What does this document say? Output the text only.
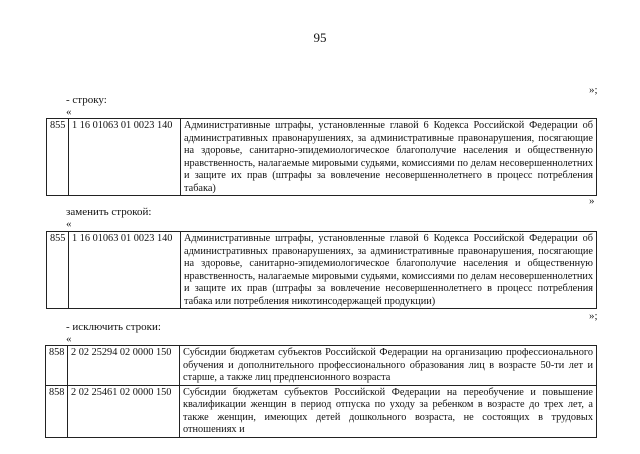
95
»;
- строку:
«
855	1 16 01063 01 0023 140	Административные штрафы, установленные главой 6 Кодекса Российской Федерации об административных правонарушениях, за административные правонарушения, посягающие на здоровье, санитарно-эпидемиологическое благополучие населения и общественную нравственность, налагаемые мировыми судьями, комиссиями по делам несовершеннолетних и защите их прав (штрафы за вовлечение несовершеннолетнего в процесс потребления табака)
»
заменить строкой:
«
855	1 16 01063 01 0023 140	Административные штрафы, установленные главой 6 Кодекса Российской Федерации об административных правонарушениях, за административные правонарушения, посягающие на здоровье, санитарно-эпидемиологическое благополучие населения и общественную нравственность, налагаемые мировыми судьями, комиссиями по делам несовершеннолетних и защите их прав (штрафы за вовлечение несовершеннолетнего в процесс потребления табака или потребления никотинсодержащей продукции)
»;
- исключить строки:
«
858	2 02 25294 02 0000 150	Субсидии бюджетам субъектов Российской Федерации на организацию профессионального обучения и дополнительного профессионального образования лиц в возрасте 50-ти лет и старше, а также лиц предпенсионного возраста
858	2 02 25461 02 0000 150	Субсидии бюджетам субъектов Российской Федерации на переобучение и повышение квалификации женщин в период отпуска по уходу за ребенком в возрасте до трех лет, а также женщин, имеющих детей дошкольного возраста, не состоящих в трудовых отношениях и
